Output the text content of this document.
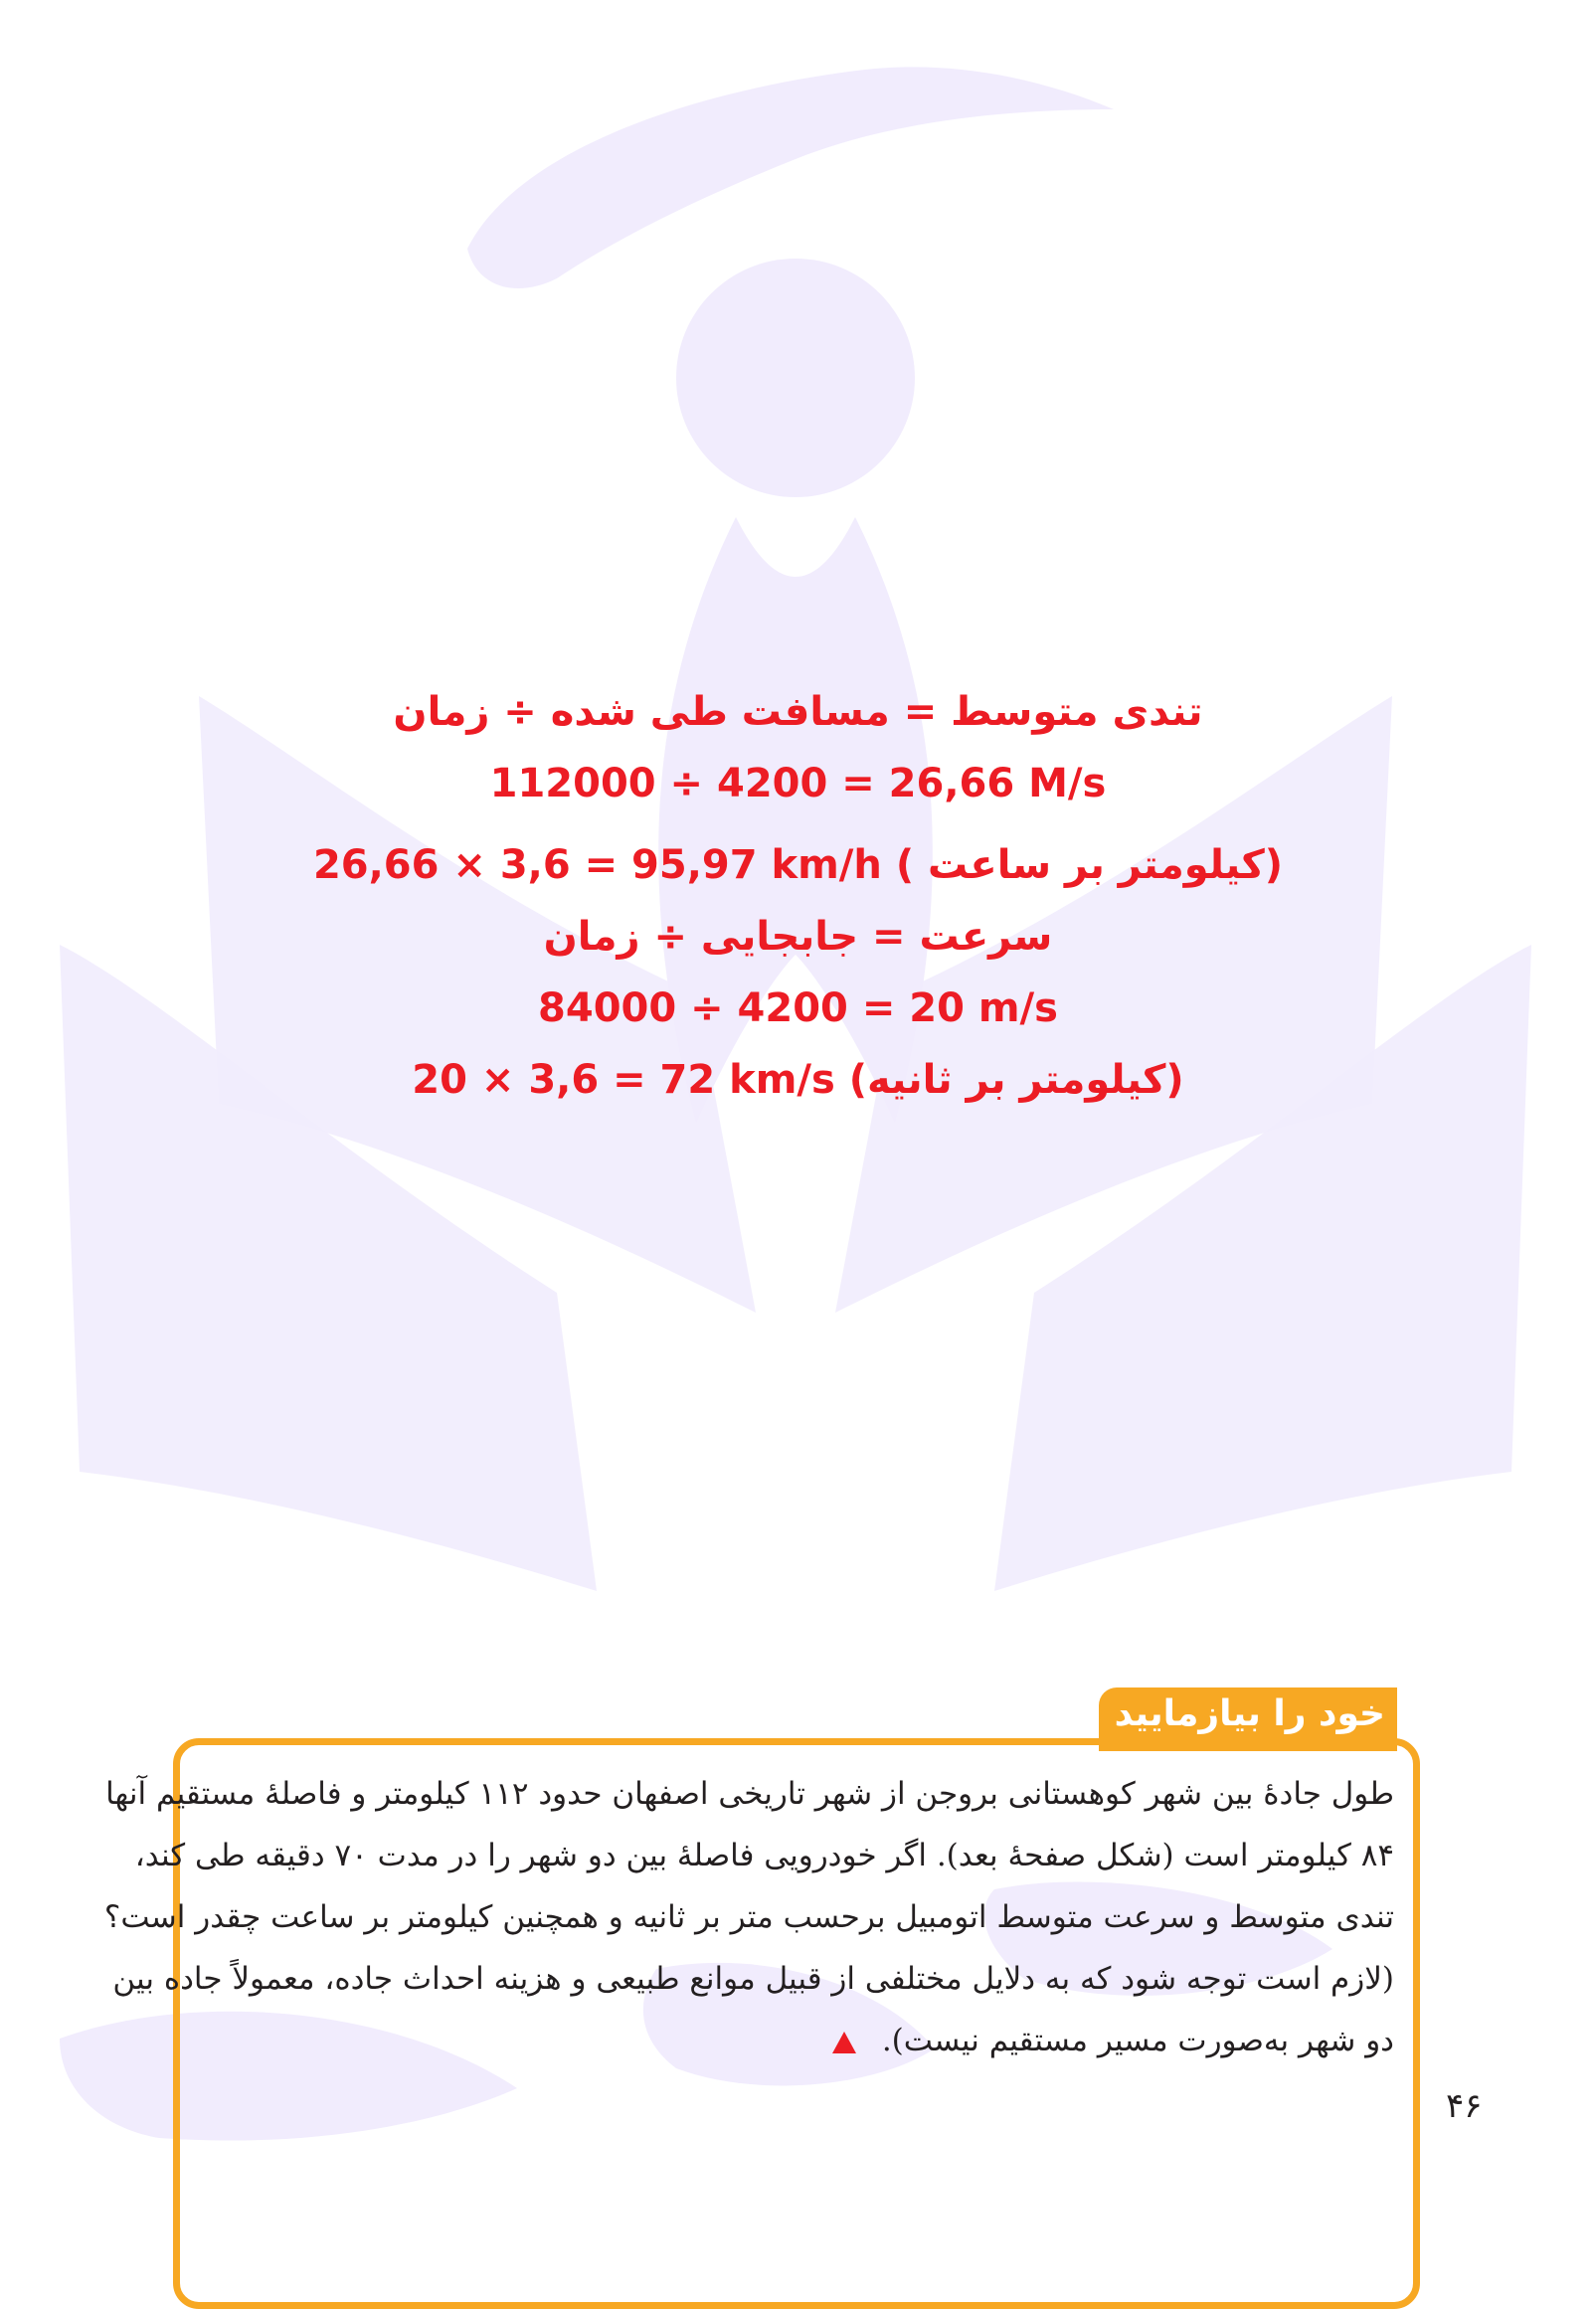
تندی متوسط = مسافت طی شده ÷ زمان
112000 ÷ 4200 = 26,66 M/s
(کیلومتر بر ساعت ) 26,66 × 3,6 = 95,97 km/h
سرعت = جابجایی ÷ زمان
84000 ÷ 4200 = 20 m/s
(کیلومتر بر ثانیه) 20 × 3,6 = 72 km/s
خود را بیازمایید
طول جادهٔ بین شهر کوهستانی بروجن از شهر تاریخی اصفهان حدود ۱۱۲ کیلومتر و فاصلهٔ مستقیم آنها
۸۴ کیلومتر است (شکل صفحهٔ بعد). اگر خودرویی فاصلهٔ بین دو شهر را در مدت ۷۰ دقیقه طی کند،
تندی متوسط و سرعت متوسط اتومبیل برحسب متر بر ثانیه و همچنین کیلومتر بر ساعت چقدر است؟
(لازم است توجه شود که به دلایل مختلفی از قبیل موانع طبیعی و هزینه احداث جاده، معمولاً جاده بین
دو شهر به‌صورت مسیر مستقیم نیست).
۴۶
